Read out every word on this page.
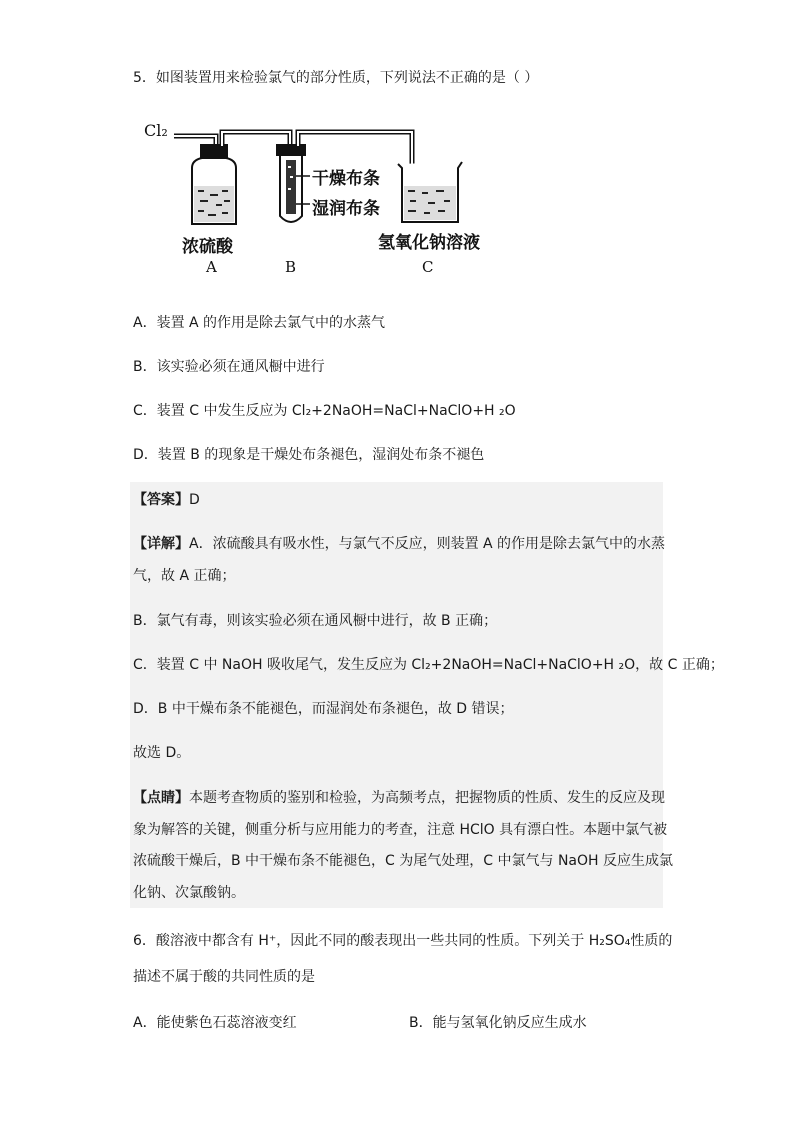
5．如图装置用来检验氯气的部分性质，下列说法不正确的是（ ）
Cl₂
干燥布条
湿润布条
浓硫酸	氢氧化钠溶液
A	B	C
A．装置 A 的作用是除去氯气中的水蒸气
B．该实验必须在通风橱中进行
C．装置 C 中发生反应为 Cl₂+2NaOH=NaCl+NaClO+H ₂O
D．装置 B 的现象是干燥处布条褪色，湿润处布条不褪色
【答案】D
【详解】A．浓硫酸具有吸水性，与氯气不反应，则装置 A 的作用是除去氯气中的水蒸
气，故 A 正确；
B．氯气有毒，则该实验必须在通风橱中进行，故 B 正确；
C．装置 C 中 NaOH 吸收尾气，发生反应为 Cl₂+2NaOH=NaCl+NaClO+H ₂O，故 C 正确；
D．B 中干燥布条不能褪色，而湿润处布条褪色，故 D 错误；
故选 D。
【点睛】本题考查物质的鉴别和检验，为高频考点，把握物质的性质、发生的反应及现
象为解答的关键，侧重分析与应用能力的考查，注意 HClO 具有漂白性。本题中氯气被
浓硫酸干燥后，B 中干燥布条不能褪色，C 为尾气处理，C 中氯气与 NaOH 反应生成氯
化钠、次氯酸钠。
6．酸溶液中都含有 H⁺，因此不同的酸表现出一些共同的性质。下列关于 H₂SO₄性质的
描述不属于酸的共同性质的是
A．能使紫色石蕊溶液变红	B．能与氢氧化钠反应生成水
